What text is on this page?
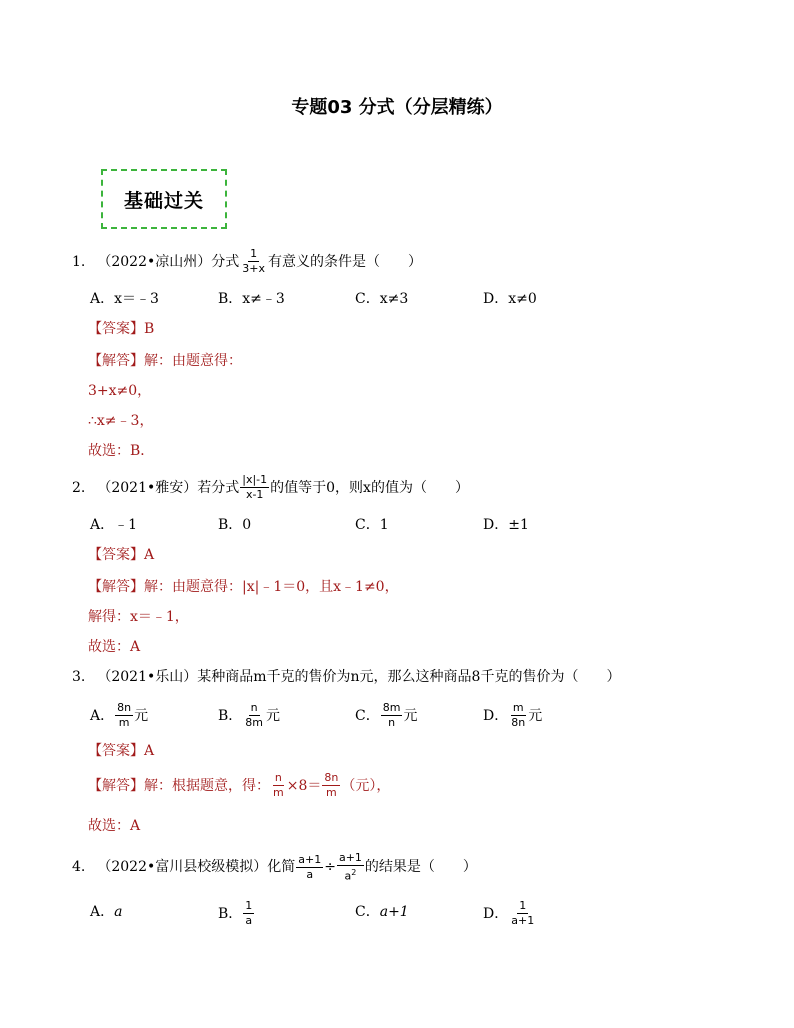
专题03 分式（分层精练）
基础过关
1. （2022•凉山州）分式 $\frac{1}{3+x}$ 有意义的条件是（　　）
A．x＝﹣3	B．x≠﹣3	C．x≠3	D．x≠0
【答案】B
【解答】 解：由题意得：
3+x≠0，
∴x≠﹣3，
故选：B．
2. （2021•雅安）若分式 $\frac{|x|-1}{x-1}$ 的值等于0，则x的值为（　　）
A．﹣1	B．0	C．1	D．±1
【答案】A
【解答】 解：由题意得：|x|﹣1＝0，且x﹣1≠0，
解得：x＝﹣1，
故选：A
3. （2021•乐山）某种商品m千克的售价为n元，那么这种商品8千克的售价为（　　）
A． $\frac{8n}{m}$ 元	B． $\frac{n}{8m}$ 元	C． $\frac{8m}{n}$ 元	D． $\frac{m}{8n}$ 元
【答案】A
【解答】 解：根据题意，得： $\frac{n}{m} \times 8= \frac{8n}{m}$ （元），
故选：A
4. （2022•富川县校级模拟）化简 $\frac{a+1}{a} \div \frac{a+1}{a^2}$ 的结果是（　　）
A． a	B． $\frac{1}{a}$	C． a+1	D． $\frac{1}{a+1}$
